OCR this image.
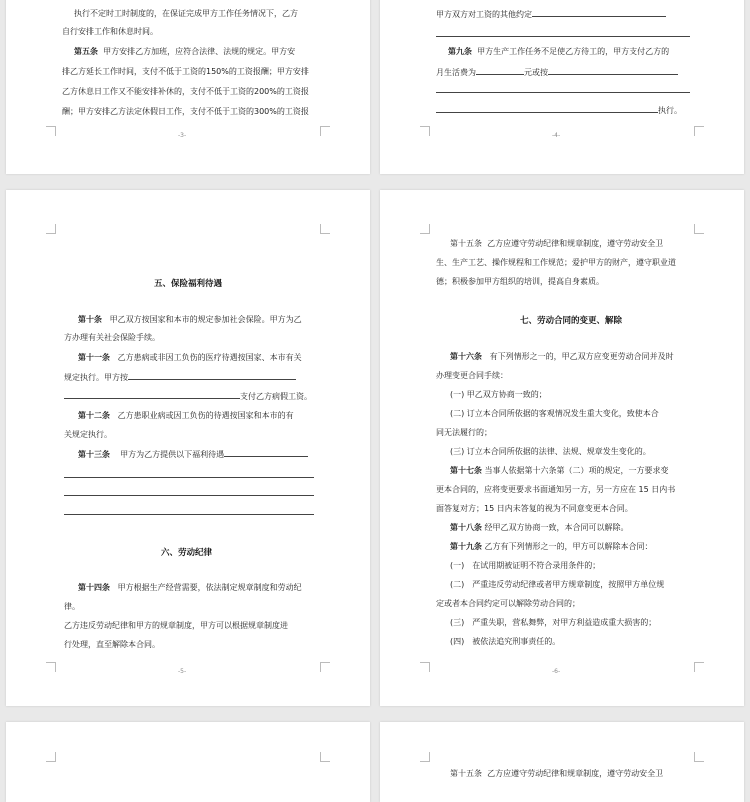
执行不定时工时制度的，在保证完成甲方工作任务情况下，乙方
自行安排工作和休息时间。
第五条 甲方安排乙方加班，应符合法律、法规的规定。甲方安
排乙方延长工作时间，支付不低于工资的150%的工资报酬；甲方安排
乙方休息日工作又不能安排补休的，支付不低于工资的200%的工资报
酬；甲方安排乙方法定休假日工作，支付不低于工资的300%的工资报
-3-
甲方双方对工资的其他约定
第九条 甲方生产工作任务不足使乙方待工的，甲方支付乙方的
月生活费为	元或按
执行。
-4-
五、保险福利待遇
第十条 甲乙双方按国家和本市的规定参加社会保险。甲方为乙
方办理有关社会保险手续。
第十一条 乙方患病或非因工负伤的医疗待遇按国家、本市有关
规定执行。甲方按
支付乙方病假工资。
第十二条 乙方患职业病或因工负伤的待遇按国家和本市的有
关规定执行。
第十三条 甲方为乙方提供以下福利待遇
六、劳动纪律
第十四条 甲方根据生产经营需要，依法制定规章制度和劳动纪
律。
乙方违反劳动纪律和甲方的规章制度，甲方可以根据规章制度进
行处理，直至解除本合同。
-5-
第十五条 乙方应遵守劳动纪律和规章制度，遵守劳动安全卫
生、生产工艺、操作规程和工作规范；爱护甲方的财产，遵守职业道
德；积极参加甲方组织的培训，提高自身素质。
七、劳动合同的变更、解除
第十六条 有下列情形之一的，甲乙双方应变更劳动合同并及时
办理变更合同手续：
(一) 甲乙双方协商一致的；
(二) 订立本合同所依据的客观情况发生重大变化，致使本合
同无法履行的；
(三) 订立本合同所依据的法律、法规、规章发生变化的。
第十七条 当事人依据第十六条第（二）项的规定，一方要求变
更本合同的，应将变更要求书面通知另一方，另一方应在 15 日内书
面答复对方；15 日内未答复的视为不同意变更本合同。
第十八条 经甲乙双方协商一致，本合同可以解除。
第十九条 乙方有下列情形之一的，甲方可以解除本合同：
(一)　在试用期被证明不符合录用条件的；
(二)　严重违反劳动纪律或者甲方规章制度，按照甲方单位规
定或者本合同约定可以解除劳动合同的；
(三)　严重失职，营私舞弊，对甲方利益造成重大损害的；
(四)　被依法追究刑事责任的。
-6-
第十五条 乙方应遵守劳动纪律和规章制度，遵守劳动安全卫
